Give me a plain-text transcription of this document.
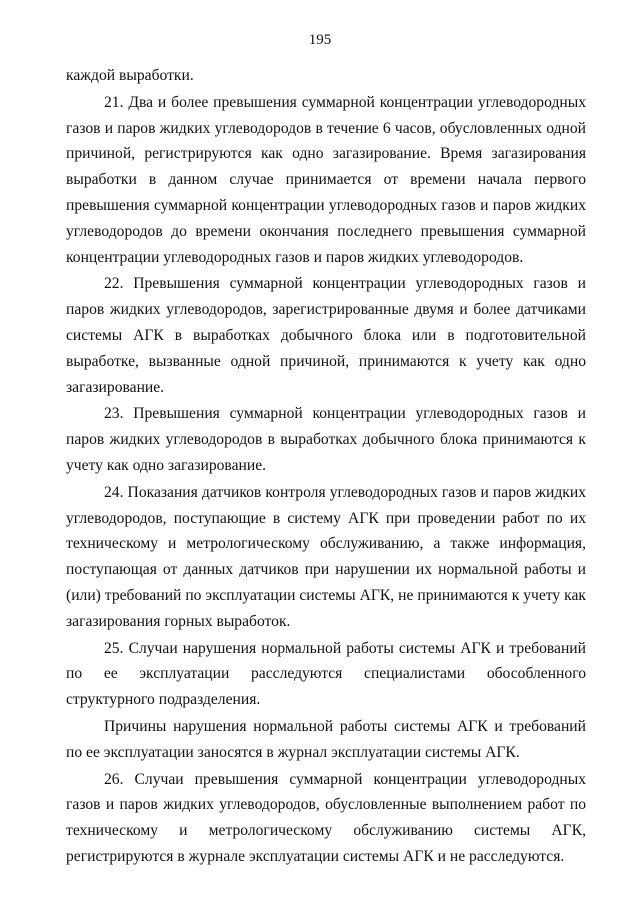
195

каждой выработки.

21. Два и более превышения суммарной концентрации углеводородных газов и паров жидких углеводородов в течение 6 часов, обусловленных одной причиной, регистрируются как одно загазирование. Время загазирования выработки в данном случае принимается от времени начала первого превышения суммарной концентрации углеводородных газов и паров жидких углеводородов до времени окончания последнего превышения суммарной концентрации углеводородных газов и паров жидких углеводородов.

22. Превышения суммарной концентрации углеводородных газов и паров жидких углеводородов, зарегистрированные двумя и более датчиками системы АГК в выработках добычного блока или в подготовительной выработке, вызванные одной причиной, принимаются к учету как одно загазирование.

23. Превышения суммарной концентрации углеводородных газов и паров жидких углеводородов в выработках добычного блока принимаются к учету как одно загазирование.

24. Показания датчиков контроля углеводородных газов и паров жидких углеводородов, поступающие в систему АГК при проведении работ по их техническому и метрологическому обслуживанию, а также информация, поступающая от данных датчиков при нарушении их нормальной работы и (или) требований по эксплуатации системы АГК, не принимаются к учету как загазирования горных выработок.

25. Случаи нарушения нормальной работы системы АГК и требований по ее эксплуатации расследуются специалистами обособленного структурного подразделения.

Причины нарушения нормальной работы системы АГК и требований по ее эксплуатации заносятся в журнал эксплуатации системы АГК.

26. Случаи превышения суммарной концентрации углеводородных газов и паров жидких углеводородов, обусловленные выполнением работ по техническому и метрологическому обслуживанию системы АГК, регистрируются в журнале эксплуатации системы АГК и не расследуются.
